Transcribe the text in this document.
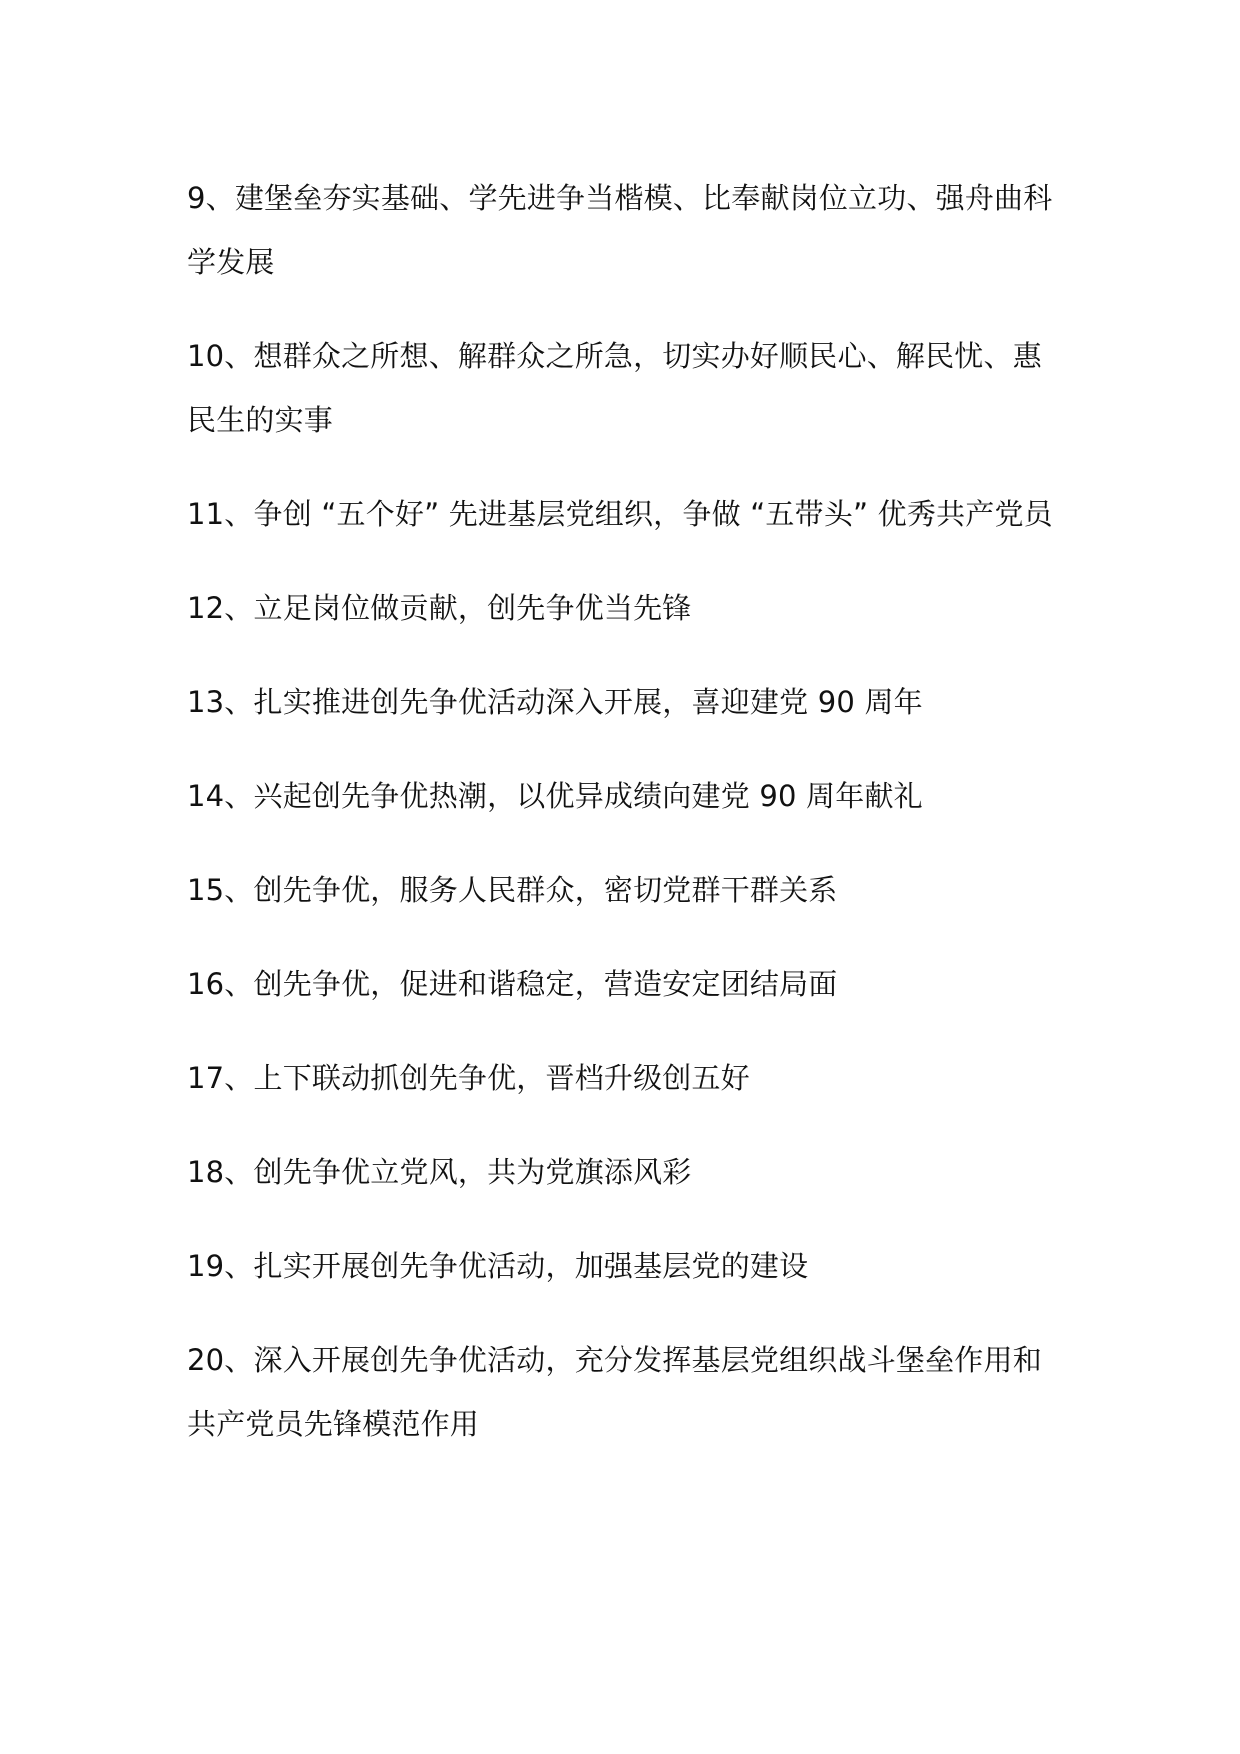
9、建堡垒夯实基础、学先进争当楷模、比奉献岗位立功、强舟曲科学发展

10、想群众之所想、解群众之所急，切实办好顺民心、解民忧、惠民生的实事

11、争创 “五个好” 先进基层党组织，争做 “五带头” 优秀共产党员

12、立足岗位做贡献，创先争优当先锋

13、扎实推进创先争优活动深入开展，喜迎建党 90 周年

14、兴起创先争优热潮，以优异成绩向建党 90 周年献礼

15、创先争优，服务人民群众，密切党群干群关系

16、创先争优，促进和谐稳定，营造安定团结局面

17、上下联动抓创先争优，晋档升级创五好

18、创先争优立党风，共为党旗添风彩

19、扎实开展创先争优活动，加强基层党的建设

20、深入开展创先争优活动，充分发挥基层党组织战斗堡垒作用和共产党员先锋模范作用
